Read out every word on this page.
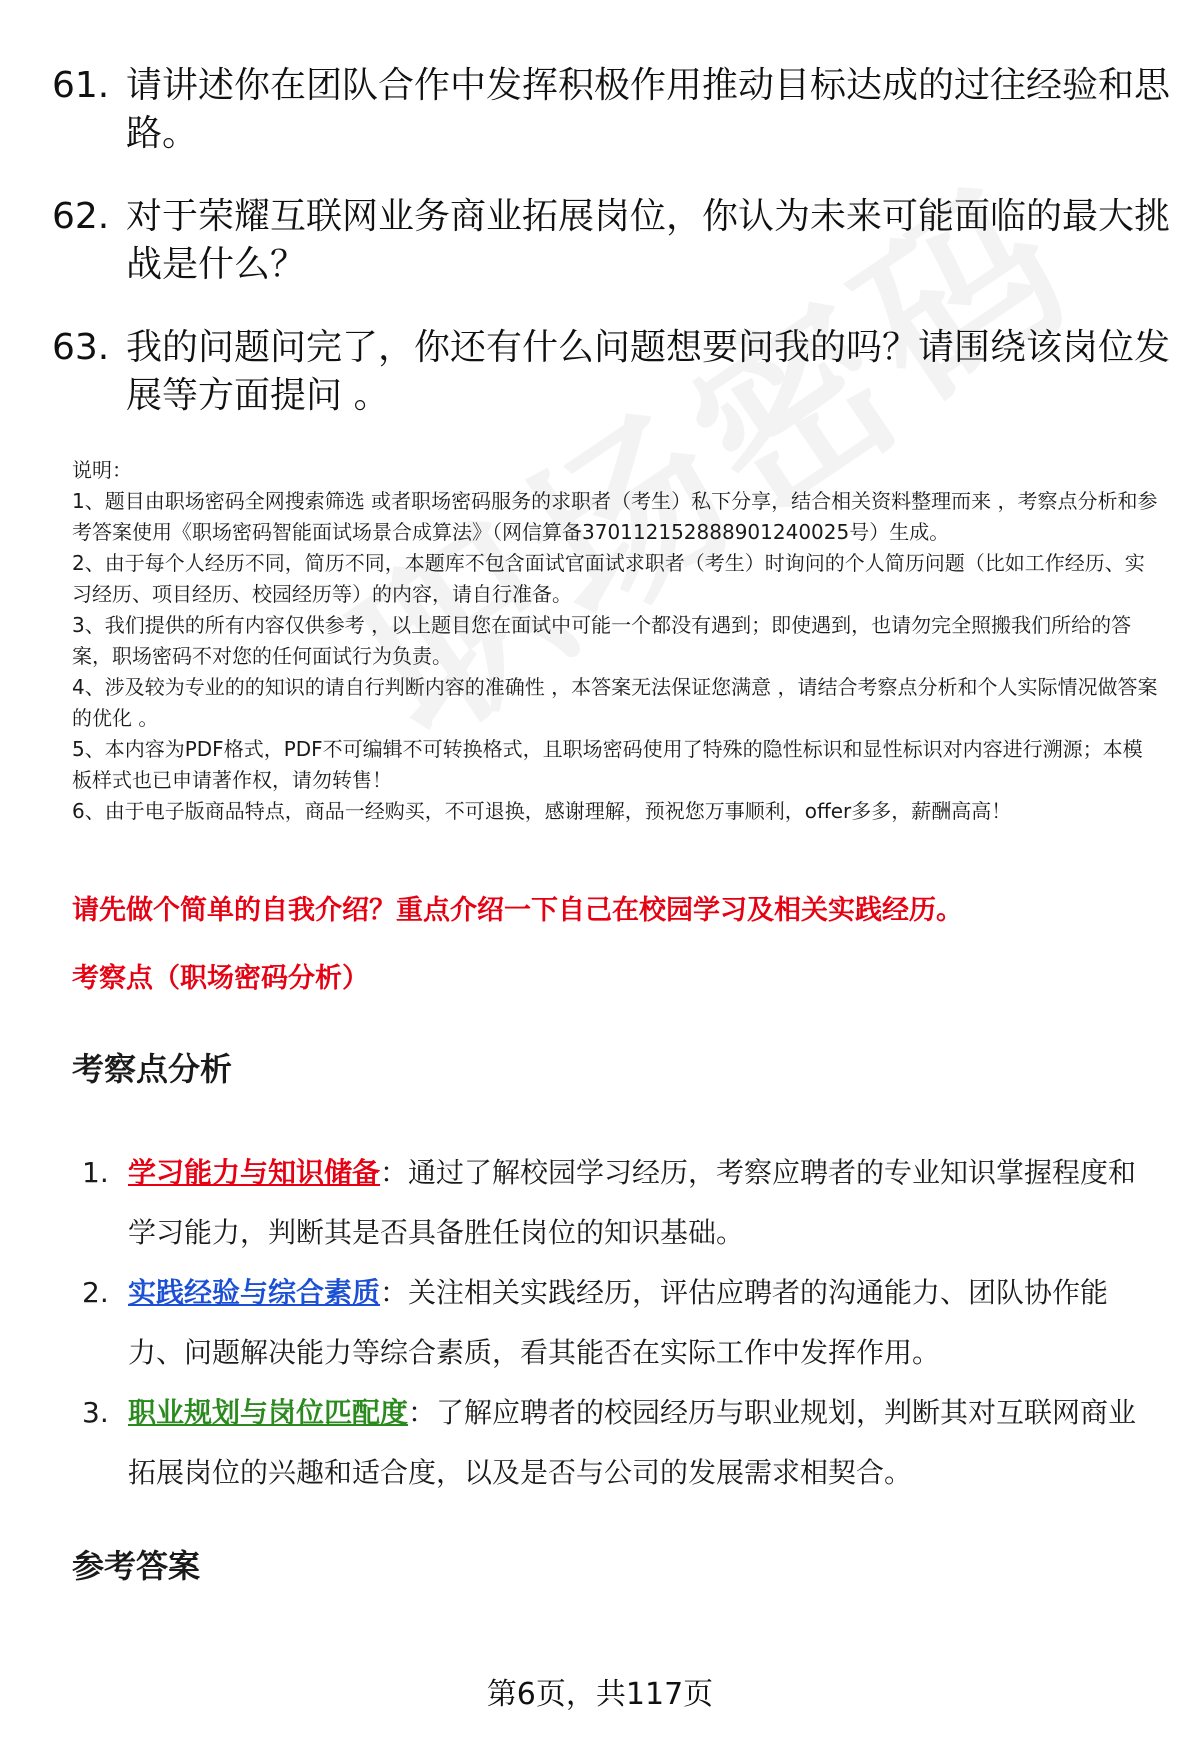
61. 请讲述你在团队合作中发挥积极作用推动目标达成的过往经验和思路。
62. 对于荣耀互联网业务商业拓展岗位，你认为未来可能面临的最大挑战是什么？
63. 我的问题问完了，你还有什么问题想要问我的吗？请围绕该岗位发展等方面提问 。
说明：
1、题目由职场密码全网搜索筛选 或者职场密码服务的求职者（考生）私下分享，结合相关资料整理而来 ，考察点分析和参考答案使用《职场密码智能面试场景合成算法》（网信算备370112152888901240025号）生成。
2、由于每个人经历不同，简历不同，本题库不包含面试官面试求职者（考生）时询问的个人简历问题（比如工作经历、实习经历、项目经历、校园经历等）的内容，请自行准备。
3、我们提供的所有内容仅供参考 ，以上题目您在面试中可能一个都没有遇到；即使遇到，也请勿完全照搬我们所给的答案，职场密码不对您的任何面试行为负责。
4、涉及较为专业的的知识的请自行判断内容的准确性 ，本答案无法保证您满意 ，请结合考察点分析和个人实际情况做答案的优化 。
5、本内容为PDF格式，PDF不可编辑不可转换格式，且职场密码使用了特殊的隐性标识和显性标识对内容进行溯源；本模板样式也已申请著作权，请勿转售！
6、由于电子版商品特点，商品一经购买，不可退换，感谢理解，预祝您万事顺利，offer多多，薪酬高高！
请先做个简单的自我介绍？重点介绍一下自己在校园学习及相关实践经历。
考察点（职场密码分析）
考察点分析
1. 学习能力与知识储备：通过了解校园学习经历，考察应聘者的专业知识掌握程度和学习能力，判断其是否具备胜任岗位的知识基础。
2. 实践经验与综合素质：关注相关实践经历，评估应聘者的沟通能力、团队协作能力、问题解决能力等综合素质，看其能否在实际工作中发挥作用。
3. 职业规划与岗位匹配度：了解应聘者的校园经历与职业规划，判断其对互联网商业拓展岗位的兴趣和适合度，以及是否与公司的发展需求相契合。
参考答案
第6页，共117页
